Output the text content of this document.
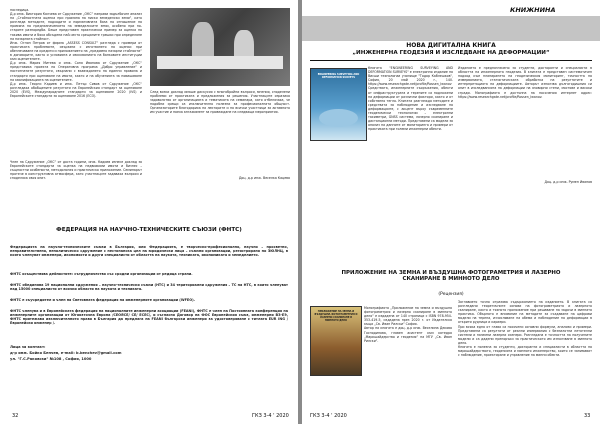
последица.
Д-р инж. Виктория Калчева от Сдружение „ОКС“ направи задълбочен анализ на „Стойностната оценка при промяна на ниски земеделски земи“, като разгледа методите, подходите и нормативната база по отношение на промяна на предназначението на земеделските земи, особено при по-старите разпоредби. Беше представен практически пример за оценка на такива имоти и бяха обсъдени най-често срещаните грешки при определяне на пазарната стойност.
Инж. Огнян Петров от фирма „ASSESS CONSULT“ разгледа с примери от практиката проблемите, свързани с изготвянето на оценки при обезпечаване на кредити и приложението на „предимно пазарни стойности“ в договорите, както и условията и изискванията на банковите институции към оценителите.
Д-р инж. Мария Митева и инж. Соня Иванова от Сдружение „ОКС“ представиха проекта по Оперативна програма „Добро управление“ и постигнатите резултати, свързани с въвеждането на единни правила и стандарти при оценяване на имоти, както и на обученията за повишаване на квалификацията на оценителите.
Д-р инж. Георги Кадиев и инж. Петър Сивов от Сдружение „ОКС“ разгледаха обобщените резултати на Европейския стандарт за оценяване 2020 (EVS), Международните стандарти за оценяване 2020 (IVS) и Европейските стандарти за оценяване 2016 (ECO).

След всеки доклад имаше дискусия с многобройни въпроси, мнения, споделени проблеми от практиката и предложения за решения. Участниците изразиха задоволство от организацията и тематиката на семинара, като отбелязаха, че подобни срещи са изключително полезни за професионалната общност. Организаторите благодариха на лекторите и на всички участници за активното им участие и поеха ангажимент за провеждане на следващи мероприятия.

Член на Сдружение „ОКС“ от доста години, инж. Кадиев изнесе доклад за Европейските стандарти за оценка на недвижими имоти и бизнес – същностни особености, методология и практическо приложение. Семинарът протече в конструктивна атмосфера, като участниците задаваха въпроси и споделяха своя опит.	Доц. д-р инж. Веселка Кацева
ФЕДЕРАЦИЯ НА НАУЧНО-ТЕХНИЧЕСКИТЕ СЪЮЗИ (ФНТС)

Федерацията на научно-техническите съюзи в България, или Федерацията, е творческо-професионално, научно – просветно, неправителствено, неполитическо сдружение с нестопанска цел на юридически лица – съюзни организации, регистрирано по ЗЮЛНЦ, в която членуват инженери, икономисти и други специалисти от областта на науката, техниката, икономиката и земеделието.

ФНТС осъществява дейностите: сътрудничество със сродни организации от редица страни.

ФНТС обединява 19 национални сдружения – научно-технически съюзи (НТС) и 34 териториални сдружения – ТС на НТС, в които членуват над 15000 специалисти от всички области на науката и техниката.

ФНТС е съучредител и член на Световната федерация на инженерните организации (WFEO).

ФНТС членува и в Европейската федерация на националните инженерни асоциации (FEANI), ФНТС е член на Постоянната конференция на инженерните организации от Югоизточна Европа /CEOЯСЕ/ СЕ/ ECEC/, и съгласно Договор на ФОС Европейския съюз, инженерни ВЗ-ЕЭ, ФНТС притежава изключителното право в България да предлага на FEANI български инженери за удостоверяване с титлата EUR ING / Европейски инженер /.

Лица за контакт:
д-р инж. Бойко Бенчев, e-mail: b.benchev@gmail.com
ул. "Г.С.Раковски" №108 , София, 1000
32	ГКЗ 3-4 ' 2020
КНИЖНИНА
НОВА ДИГИТАЛНА КНИГА
„ИНЖЕНЕРНА ГЕОДЕЗИЯ И ИЗСЛЕДВАНЕ НА ДЕФОРМАЦИИ“
ENGINEERING SURVEYING AND DEFORMATION SURVEYS

Книгата "ENGINEERING SURVEYING AND DEFORMATION SURVEYS" е електронно издание на Висши технологии училище "Тодор Каблешков", София, 20 май 2020 г., 140. https://www.researchgate.net/profile/Rossen_Iwanov
Средствата, инженерните съоръжения, обекти от инфраструктурата и терените са подложени на деформации от различни фактори, както и от собствено тегло. Книгата разглежда методите и средствата за наблюдение и изследване на деформациите, с акцент върху съвременните геодезически технологии – електронни тахиметри, GNSS системи, лазерно сканиране и дистанционни методи. Представени са модели за анализ на данните от мониторинга и примери от практиката при големи инженерни обекти.

Изданието е предназначено за студенти, докторанти и специалисти в областта на инженерната геодезия. В книгата е представен систематичен подход към планирането на геодезическия мониторинг, точността на измерванията, статистическата обработка на резултатите и интерпретацията на деформациите. Авторът използва дългогодишния си опит в изследванията на деформации на язовирни стени, мостове и високи сгради. Монографията е достъпна на посочения интернет адрес: https://www.researchgate.net/profile/Rossen_Iwanov.

Доц. д-р инж. Румен Иванов
ПРИЛОЖЕНИЕ НА ЗЕМНА И ВЪЗДУШНА ФОТОГРАМЕТРИЯ И ЛАЗЕРНО СКАНИРАНЕ В МИННОТО ДЕЛО
(Рецензия)
ПРИЛОЖЕНИЕ НА ЗЕМНА И ВЪЗДУШНА ФОТОГРАМЕТРИЯ И ЛАЗЕРНО СКАНИРАНЕ В МИННОТО ДЕЛО

Монографията „Приложение на земна и въздушна фотограметрия и лазерно сканиране в минното дело“ е издадена от 140 страници с ISBN 978-954-353-419-5, издадена през 2020 г. от Издателска къща „Св. Иван Рилски“ София.
Автор на книгата е доц. д-р инж. Веселина Декова Господинова, главен асистент към катедра „Маркшайдерство и геодезия“ на МГУ „Св. Иван Рилски“.

Заглавието точно отразява съдържанието на изданието. В книгата са разгледани теоретичните основи на фотограметрията и лазерното сканиране, както и тяхното приложение при решаване на задачи в минната практика. Обърнато е внимание на методите за създаване на цифрови модели на терена, изчисляване на обеми и наблюдение на деформации в открити рудници и кариери.
При всяка една от глава са посочени основни формули, анализи и примери. Представени са резултати от реални измервания с безпилотни летателни системи и наземни лазерни скенери. Разгледана е точността на получените модели и са дадени препоръки за практическото им използване в минното дело.
Книгата е полезна за студенти, докторанти и специалисти в областта на маркшайдерството, геодезията и минното инженерство, които се занимават с наблюдение, проектиране и управление на минни обекти.

ГКЗ 3-4 ' 2020	33
